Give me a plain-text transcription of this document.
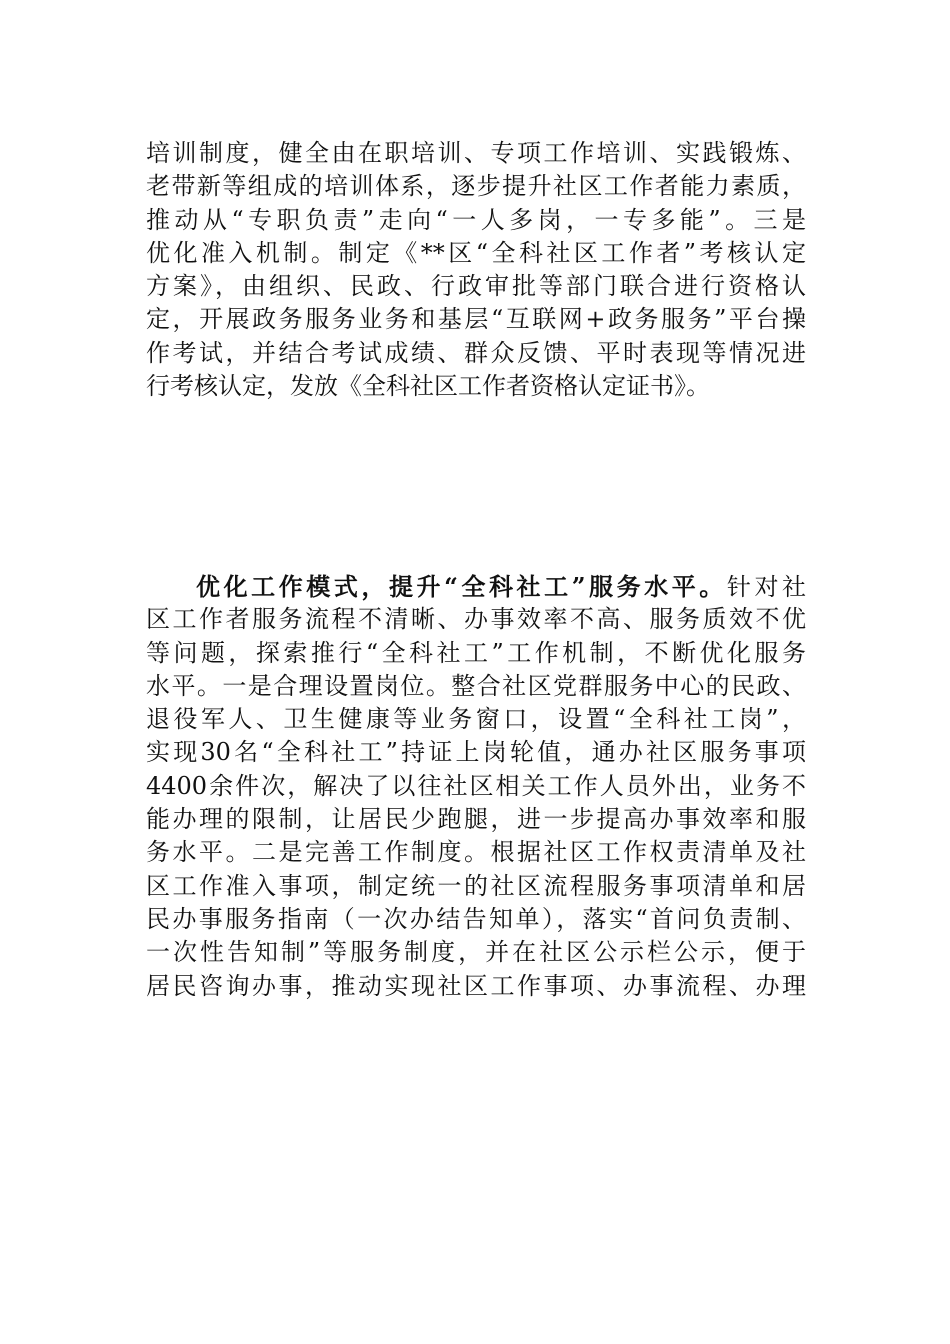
培训制度，健全由在职培训、专项工作培训、实践锻炼、
老带新等组成的培训体系，逐步提升社区工作者能力素质，
推动从“专职负责”走向“一人多岗，一专多能”。三是
优化准入机制。制定《**区“全科社区工作者”考核认定
方案》，由组织、民政、行政审批等部门联合进行资格认
定，开展政务服务业务和基层“互联网+政务服务”平台操
作考试，并结合考试成绩、群众反馈、平时表现等情况进
行考核认定，发放《全科社区工作者资格认定证书》。
优化工作模式，提升“全科社工”服务水平。针对社
区工作者服务流程不清晰、办事效率不高、服务质效不优
等问题，探索推行“全科社工”工作机制，不断优化服务
水平。一是合理设置岗位。整合社区党群服务中心的民政、
退役军人、卫生健康等业务窗口，设置“全科社工岗”，
实现30名“全科社工”持证上岗轮值，通办社区服务事项
4400余件次，解决了以往社区相关工作人员外出，业务不
能办理的限制，让居民少跑腿，进一步提高办事效率和服
务水平。二是完善工作制度。根据社区工作权责清单及社
区工作准入事项，制定统一的社区流程服务事项清单和居
民办事服务指南（一次办结告知单），落实“首问负责制、
一次性告知制”等服务制度，并在社区公示栏公示，便于
居民咨询办事，推动实现社区工作事项、办事流程、办理
